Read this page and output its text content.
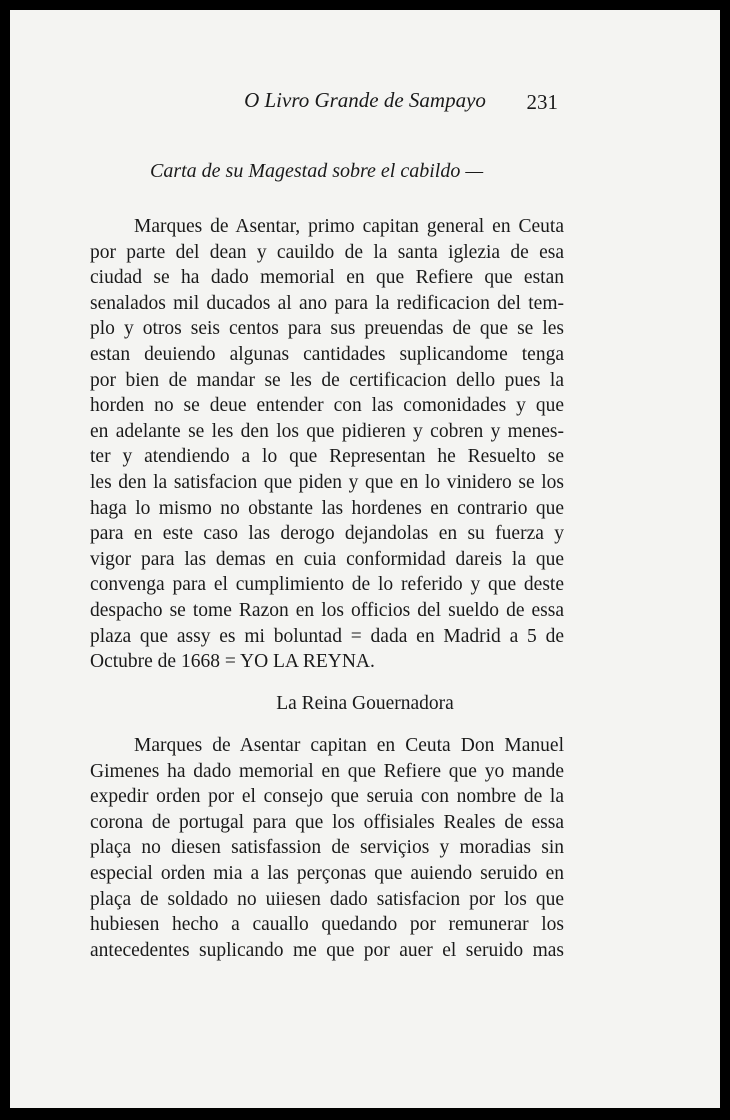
O Livro Grande de Sampayo	231
Carta de su Magestad sobre el cabildo —
Marques de Asentar, primo capitan general en Ceuta
por parte del dean y cauildo de la santa iglezia de esa
ciudad se ha dado memorial en que Refiere que estan
senalados mil ducados al ano para la redificacion del tem-
plo y otros seis centos para sus preuendas de que se les
estan deuiendo algunas cantidades suplicandome tenga
por bien de mandar se les de certificacion dello pues la
horden no se deue entender con las comonidades y que
en adelante se les den los que pidieren y cobren y menes-
ter y atendiendo a lo que Representan he Resuelto se
les den la satisfacion que piden y que en lo vinidero se los
haga lo mismo no obstante las hordenes en contrario que
para en este caso las derogo dejandolas en su fuerza y
vigor para las demas en cuia conformidad dareis la que
convenga para el cumplimiento de lo referido y que deste
despacho se tome Razon en los officios del sueldo de essa
plaza que assy es mi boluntad = dada en Madrid a 5 de
Octubre de 1668 = YO LA REYNA.
La Reina Gouernadora
Marques de Asentar capitan en Ceuta Don Manuel
Gimenes ha dado memorial en que Refiere que yo mande
expedir orden por el consejo que seruia con nombre de la
corona de portugal para que los offisiales Reales de essa
plaça no diesen satisfassion de serviçios y moradias sin
especial orden mia a las perçonas que auiendo seruido en
plaça de soldado no uiiesen dado satisfacion por los que
hubiesen hecho a cauallo quedando por remunerar los
antecedentes suplicando me que por auer el seruido mas
